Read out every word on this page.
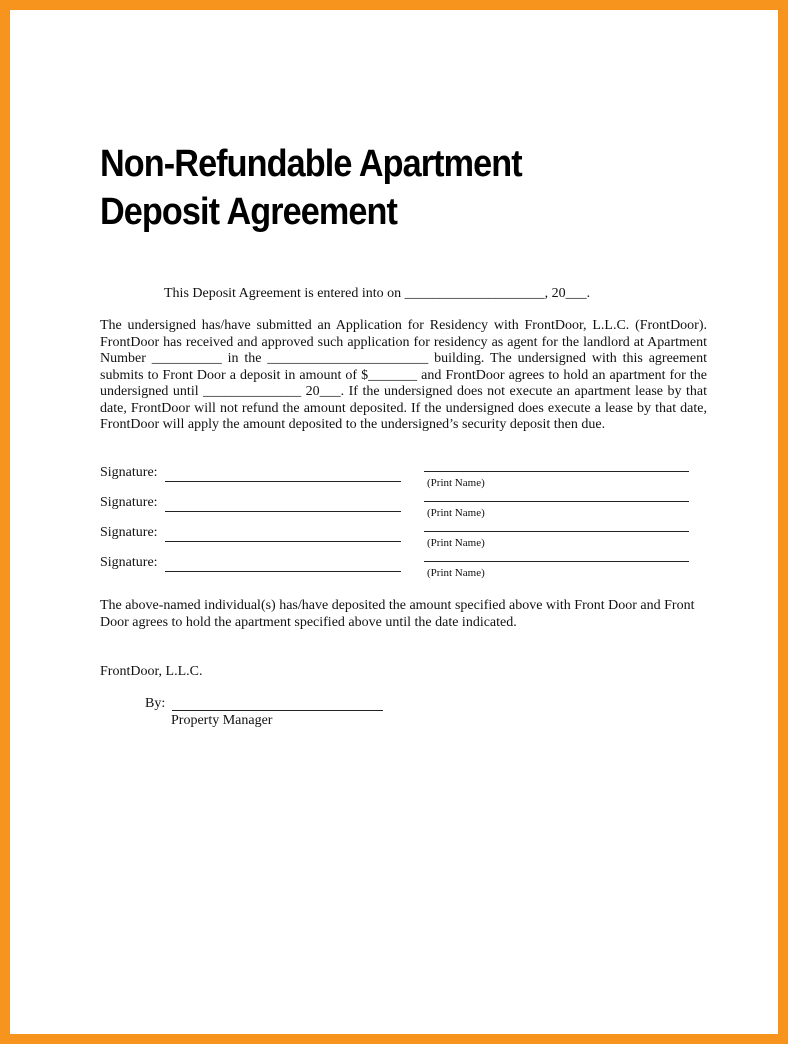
Non-Refundable Apartment
Deposit Agreement
This Deposit Agreement is entered into on ____________________, 20___.
The undersigned has/have submitted an Application for Residency with FrontDoor, L.L.C. (FrontDoor). FrontDoor has received and approved such application for residency as agent for the landlord at Apartment Number __________ in the _______________________ building. The undersigned with this agreement submits to Front Door a deposit in amount of $_______ and FrontDoor agrees to hold an apartment for the undersigned until ______________ 20___. If the undersigned does not execute an apartment lease by that date, FrontDoor will not refund the amount deposited. If the undersigned does execute a lease by that date, FrontDoor will apply the amount deposited to the undersigned’s security deposit then due.
Signature:
(Print Name)
Signature:
(Print Name)
Signature:
(Print Name)
Signature:
(Print Name)
The above-named individual(s) has/have deposited the amount specified above with Front Door and Front Door agrees to hold the apartment specified above until the date indicated.
FrontDoor, L.L.C.
By:
Property Manager
